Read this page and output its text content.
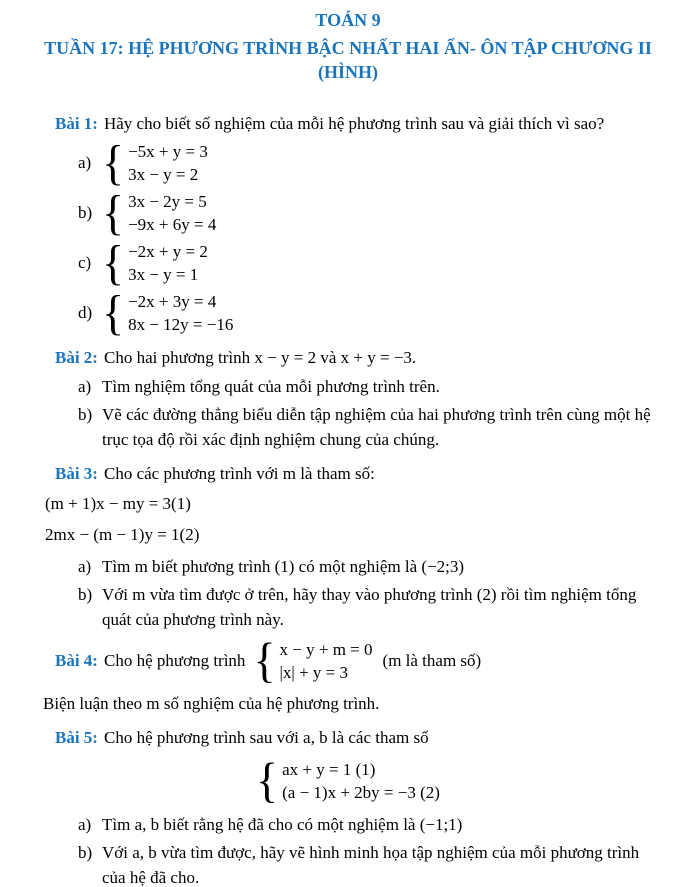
TOÁN 9
TUẦN 17: HỆ PHƯƠNG TRÌNH BẬC NHẤT HAI ẨN- ÔN TẬP CHƯƠNG II
(HÌNH)

Bài 1: Hãy cho biết số nghiệm của mỗi hệ phương trình sau và giải thích vì sao?

a) { −5x + y = 3
3x − y = 2
b) { 3x − 2y = 5
−9x + 6y = 4
c) { −2x + y = 2
3x − y = 1
d) { −2x + 3y = 4
8x − 12y = −16

Bài 2: Cho hai phương trình x − y = 2 và x + y = −3.

a) Tìm nghiệm tổng quát của mỗi phương trình trên.
b) Vẽ các đường thẳng biểu diễn tập nghiệm của hai phương trình trên cùng một hệ trục tọa độ rồi xác định nghiệm chung của chúng.

Bài 3: Cho các phương trình với m là tham số:

(m + 1)x − my = 3(1)
2mx − (m − 1)y = 1(2)
a) Tìm m biết phương trình (1) có một nghiệm là (−2;3)
b) Với m vừa tìm được ở trên, hãy thay vào phương trình (2) rồi tìm nghiệm tổng quát của phương trình này.
Bài 4: Cho hệ phương trình { x − y + m = 0
|x| + y = 3
(m là tham số)

Biện luận theo m số nghiệm của hệ phương trình.

Bài 5: Cho hệ phương trình sau với a, b là các tham số

{ ax + y = 1 (1)
(a − 1)x + 2by = −3 (2)
a) Tìm a, b biết rằng hệ đã cho có một nghiệm là (−1;1)
b) Với a, b vừa tìm được, hãy vẽ hình minh họa tập nghiệm của mỗi phương trình của hệ đã cho.
